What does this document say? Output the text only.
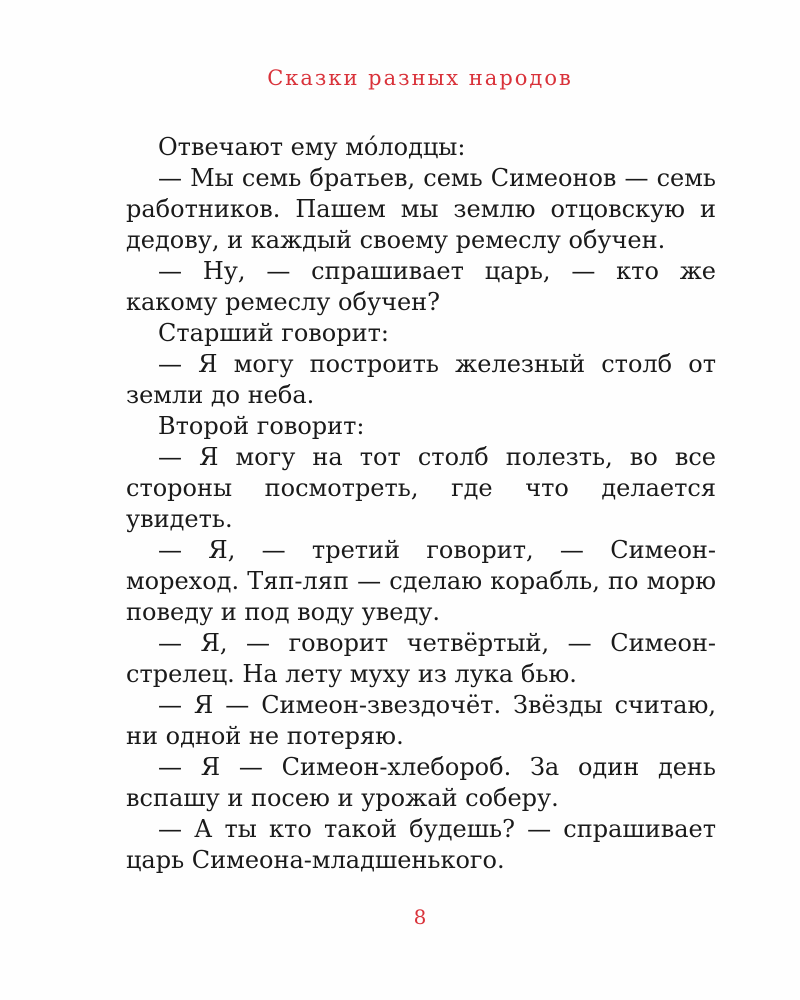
Сказки разных народов

Отвечают ему мо́лодцы:

— Мы семь братьев, семь Симеонов — семь работников. Пашем мы землю отцовскую и дедову, и каждый своему ремеслу обучен.

— Ну, — спрашивает царь, — кто же какому ремеслу обучен?

Старший говорит:

— Я могу построить железный столб от земли до неба.

Второй говорит:

— Я могу на тот столб полезть, во все стороны посмотреть, где что делается увидеть.

— Я, — третий говорит, — Симеон-мореход. Тяп-ляп — сделаю корабль, по морю поведу и под воду уведу.

— Я, — говорит четвёртый, — Симеон-стрелец. На лету муху из лука бью.

— Я — Симеон-звездочёт. Звёзды считаю, ни одной не потеряю.

— Я — Симеон-хлебороб. За один день вспашу и посею и урожай соберу.

— А ты кто такой будешь? — спрашивает царь Симеона-младшенького.

8
